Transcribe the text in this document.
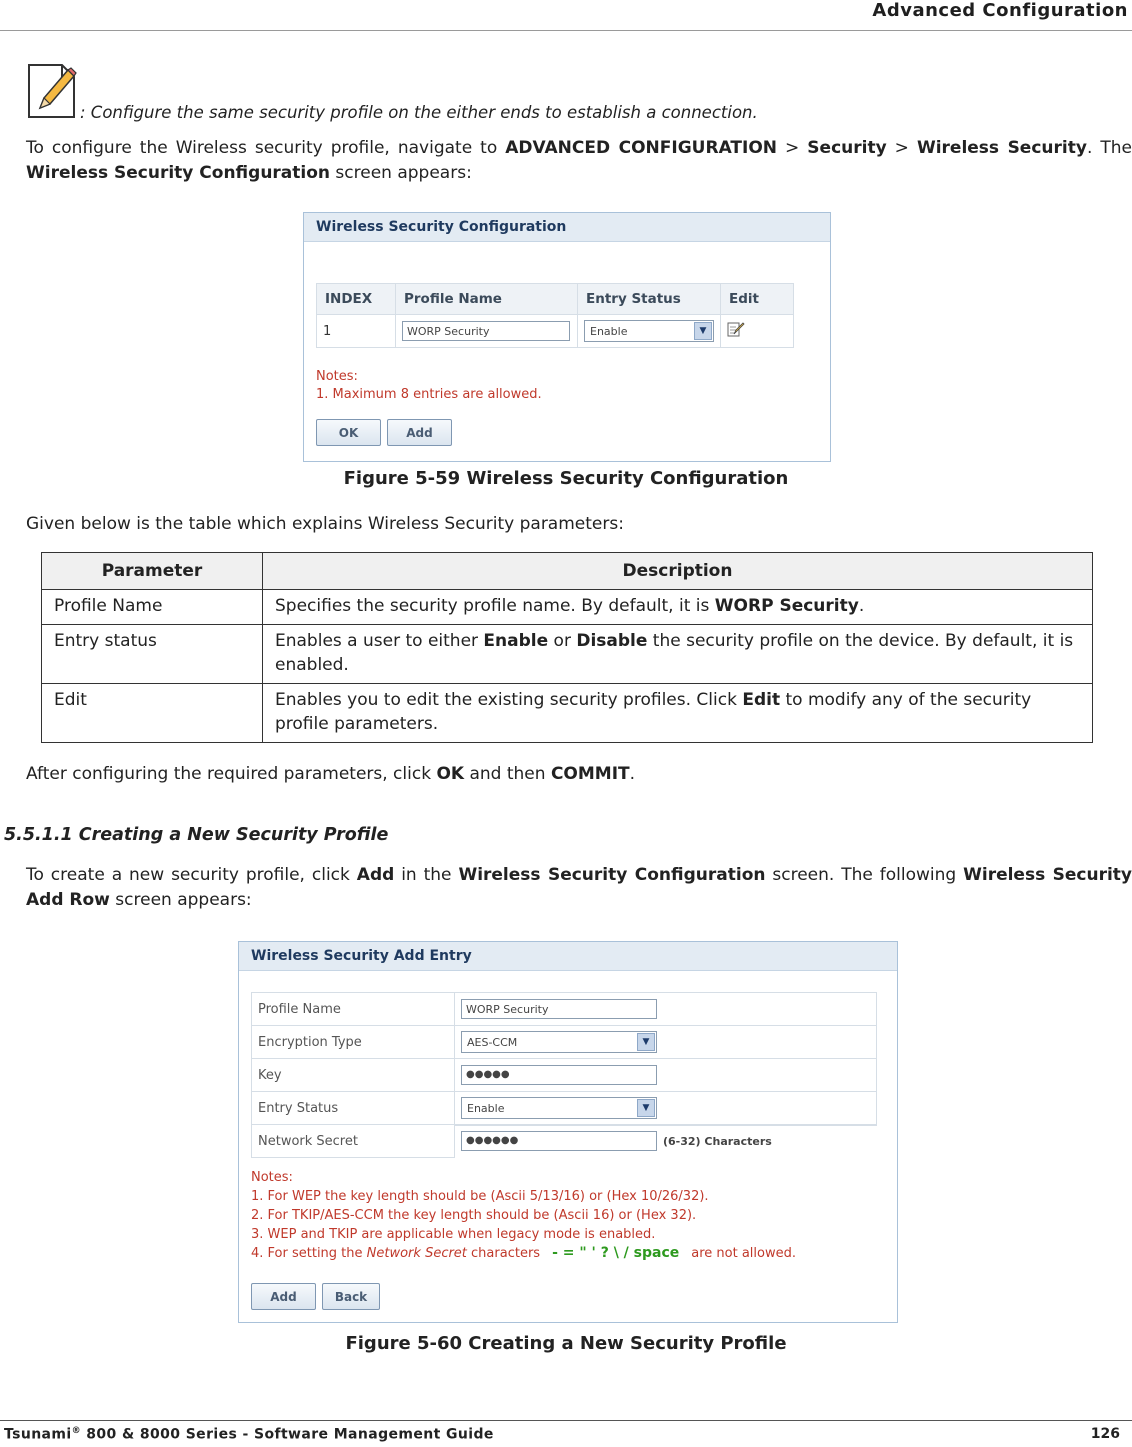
Advanced Configuration
: Configure the same security profile on the either ends to establish a connection.
To configure the Wireless security profile, navigate to ADVANCED CONFIGURATION > Security > Wireless Security. The Wireless Security Configuration screen appears:
Wireless Security Configuration
INDEX	Profile Name	Entry Status	Edit
1	WORP Security	Enable ▼

Notes:
1. Maximum 8 entries are allowed.
OK	Add
Figure 5-59 Wireless Security Configuration
Given below is the table which explains Wireless Security parameters:
Parameter	Description
Profile Name	Specifies the security profile name. By default, it is WORP Security.
Entry status	Enables a user to either Enable or Disable the security profile on the device. By default, it is enabled.
Edit	Enables you to edit the existing security profiles. Click Edit to modify any of the security profile parameters.
After configuring the required parameters, click OK and then COMMIT.
5.5.1.1 Creating a New Security Profile
To create a new security profile, click Add in the Wireless Security Configuration screen. The following Wireless Security Add Row screen appears:
Wireless Security Add Entry
Profile Name	WORP Security
Encryption Type	AES-CCM ▼

Key	●●●●●

Entry Status	Enable ▼

Network Secret		●●●●●●	(6-32) Characters
Notes:
1. For WEP the key length should be (Ascii 5/13/16) or (Hex 10/26/32).
2. For TKIP/AES-CCM the key length should be (Ascii 16) or (Hex 32).
3. WEP and TKIP are applicable when legacy mode is enabled.
4. For setting the Network Secret characters - = " ' ? \ / space are not allowed.
Add	Back
Figure 5-60 Creating a New Security Profile
Tsunami® 800 & 8000 Series - Software Management Guide	126
